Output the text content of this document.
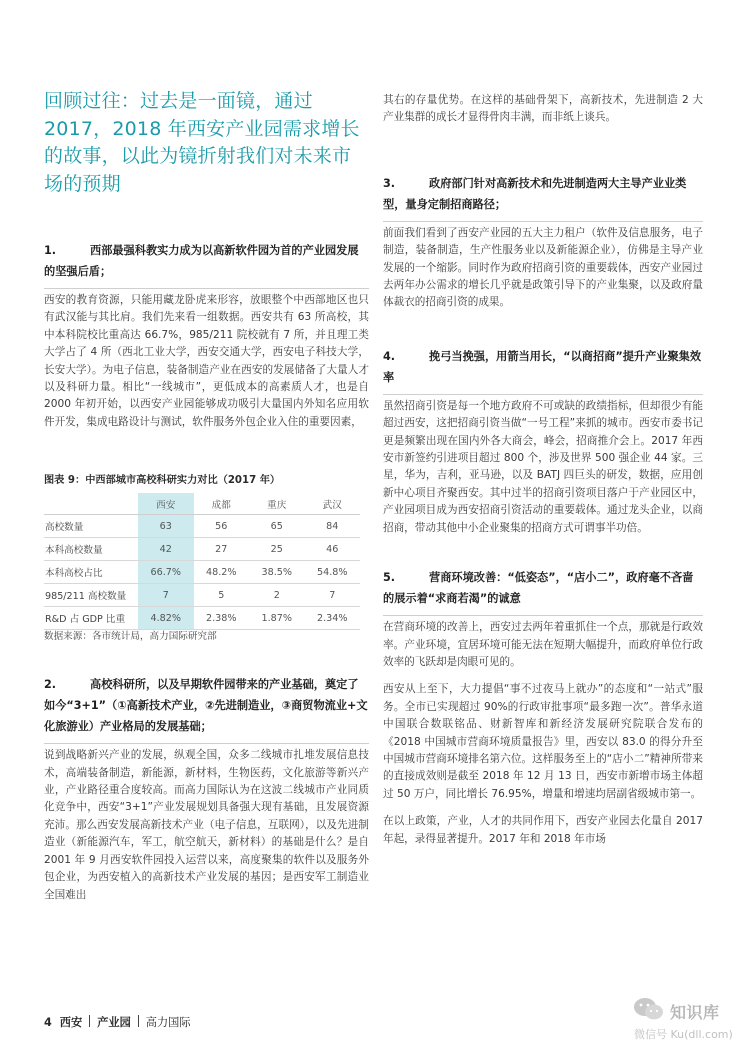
回顾过往：过去是一面镜，通过2017，2018 年西安产业园需求增长的故事，以此为镜折射我们对未来市场的预期

1.	西部最强科教实力成为以高新软件园为首的产业园发展的坚强后盾；

西安的教育资源，只能用藏龙卧虎来形容，放眼整个中西部地区也只有武汉能与其比肩。我们先来看一组数据。西安共有 63 所高校，其中本科院校比重高达 66.7%，985/211 院校就有 7 所，并且理工类大学占了 4 所（西北工业大学，西安交通大学，西安电子科技大学，长安大学）。为电子信息，装备制造产业在西安的发展储备了大量人才以及科研力量。相比“一线城市”，更低成本的高素质人才，也是自 2000 年初开始，以西安产业园能够成功吸引大量国内外知名应用软件开发，集成电路设计与测试，软件服务外包企业入住的重要因素，

图表 9：中西部城市高校科研实力对比（2017 年）

	西安	成都	重庆	武汉
高校数量	63	56	65	84
本科高校数量	42	27	25	46
本科高校占比	66.7%	48.2%	38.5%	54.8%
985/211 高校数量	7	5	2	7
R&D 占 GDP 比重	4.82%	2.38%	1.87%	2.34%

数据来源：各市统计局，高力国际研究部

2.	高校科研所，以及早期软件园带来的产业基础，奠定了如今“3+1”（①高新技术产业，②先进制造业，③商贸物流业+文化旅游业）产业格局的发展基础；

说到战略新兴产业的发展，纵观全国，众多二线城市扎堆发展信息技术，高端装备制造，新能源，新材料，生物医药，文化旅游等新兴产业，产业路径重合度较高。而高力国际认为在这波二线城市产业同质化竞争中，西安“3+1”产业发展规划具备强大现有基础，且发展资源充沛。那么西安发展高新技术产业（电子信息，互联网），以及先进制造业（新能源汽车，军工，航空航天，新材料）的基础是什么？是自 2001 年 9 月西安软件园投入运营以来，高度聚集的软件以及服务外包企业，为西安植入的高新技术产业发展的基因；是西安军工制造业全国难出

其右的存量优势。在这样的基础骨架下，高新技术，先进制造 2 大产业集群的成长才显得骨肉丰满，而非纸上谈兵。

3.	政府部门针对高新技术和先进制造两大主导产业业类型，量身定制招商路径；

前面我们看到了西安产业园的五大主力租户（软件及信息服务，电子制造，装备制造，生产性服务业以及新能源企业），仿佛是主导产业发展的一个缩影。同时作为政府招商引资的重要载体，西安产业园过去两年办公需求的增长几乎就是政策引导下的产业集聚，以及政府量体裁衣的招商引资的成果。

4.	挽弓当挽强，用箭当用长，“以商招商”提升产业聚集效率

虽然招商引资是每一个地方政府不可或缺的政绩指标，但却很少有能超过西安，这把招商引资当做“一号工程”来抓的城市。西安市委书记更是频繁出现在国内外各大商会，峰会，招商推介会上。2017 年西安市新签约引进项目超过 800 个，涉及世界 500 强企业 44 家。三星，华为，吉利，亚马逊，以及 BATJ 四巨头的研发，数据，应用创新中心项目齐聚西安。其中过半的招商引资项目落户于产业园区中，产业园项目成为西安招商引资活动的重要载体。通过龙头企业，以商招商，带动其他中小企业聚集的招商方式可谓事半功倍。

5.	营商环境改善：“低姿态”，“店小二”，政府毫不吝啬的展示着“求商若渴”的诚意

在营商环境的改善上，西安过去两年着重抓住一个点，那就是行政效率。产业环境，宜居环境可能无法在短期大幅提升，而政府单位行政效率的飞跃却是肉眼可见的。

西安从上至下，大力提倡“事不过夜马上就办”的态度和“一站式”服务。全市已实现超过 90%的行政审批事项“最多跑一次”。普华永道中国联合数联铭品、财新智库和新经济发展研究院联合发布的《2018 中国城市营商环境质量报告》里，西安以 83.0 的得分升至中国城市营商环境排名第六位。这样服务至上的“店小二”精神所带来的直接成效则是截至 2018 年 12 月 13 日，西安市新增市场主体超过 50 万户，同比增长 76.95%，增量和增速均居副省级城市第一。

在以上政策，产业，人才的共同作用下，西安产业园去化量自 2017 年起，录得显著提升。2017 年和 2018 年市场

4 西安 产业园 高力国际
知识库
微信号 Ku(dll.com)
